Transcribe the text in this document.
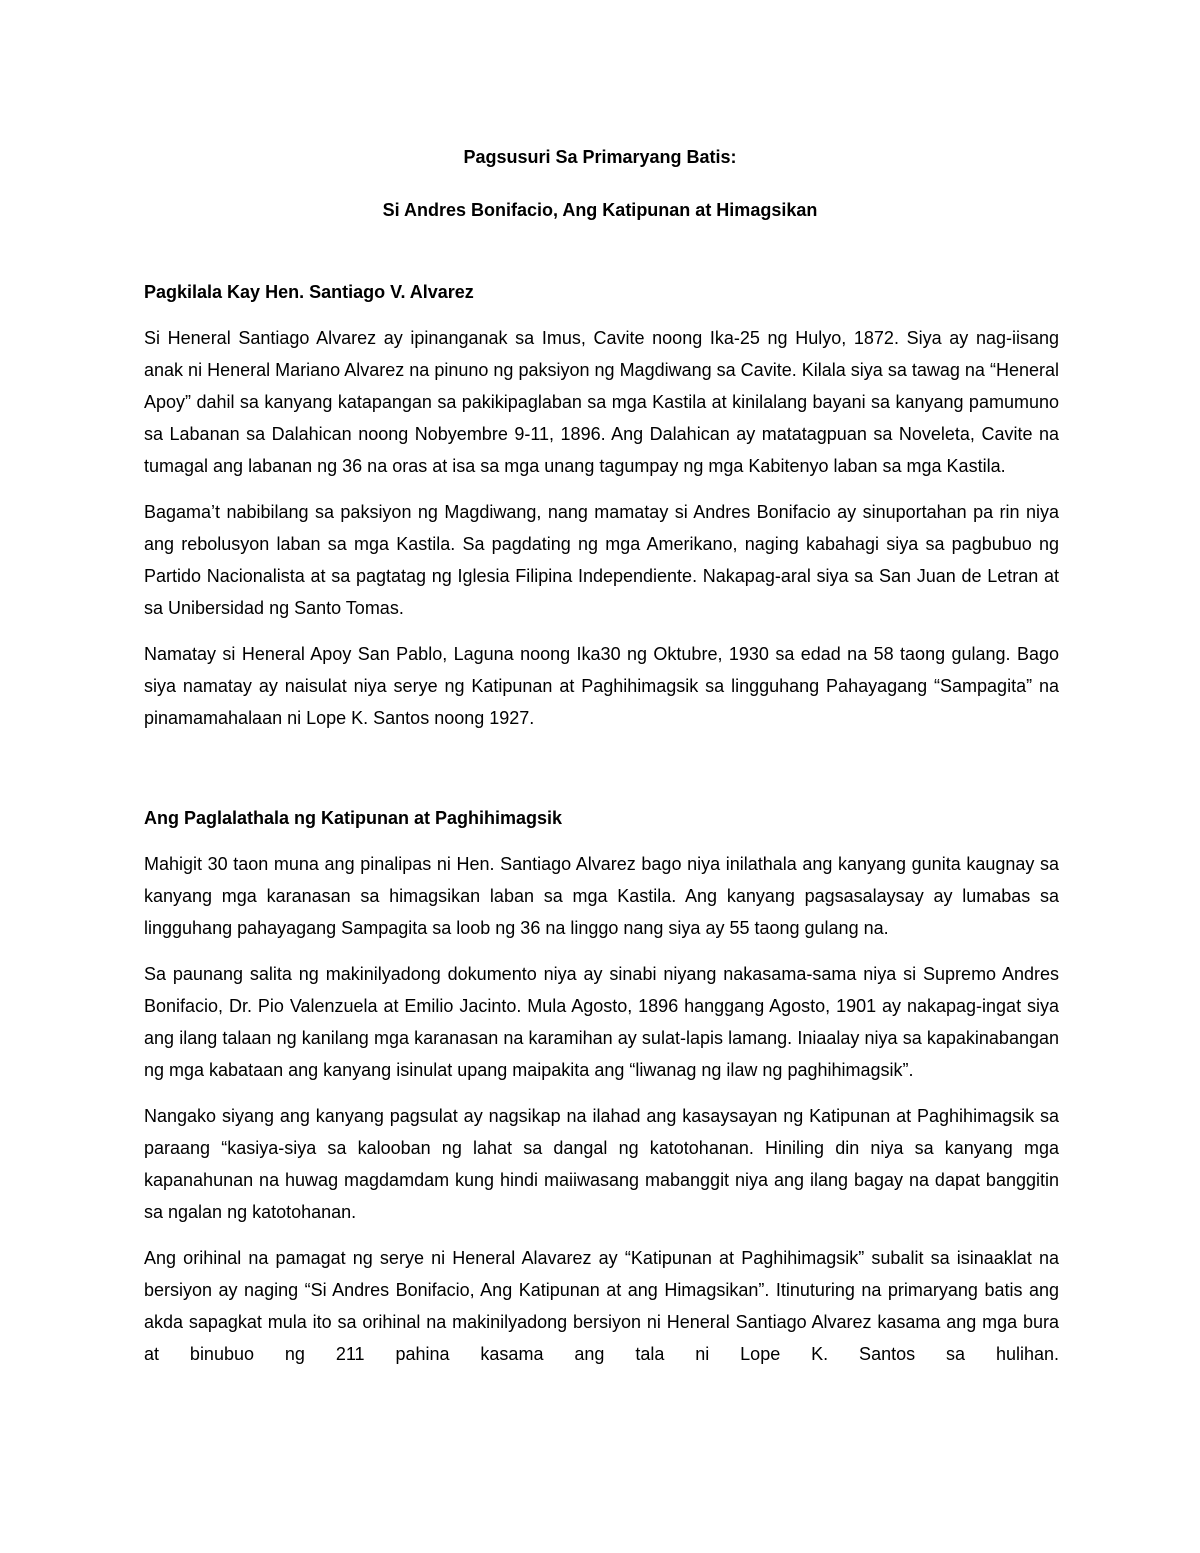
Pagsusuri Sa Primaryang Batis:
Si Andres Bonifacio, Ang Katipunan at Himagsikan
Pagkilala Kay Hen. Santiago V. Alvarez

Si Heneral Santiago Alvarez ay ipinanganak sa Imus, Cavite noong Ika-25 ng Hulyo, 1872. Siya ay nag-iisang anak ni Heneral Mariano Alvarez na pinuno ng paksiyon ng Magdiwang sa Cavite. Kilala siya sa tawag na “Heneral Apoy” dahil sa kanyang katapangan sa pakikipaglaban sa mga Kastila at kinilalang bayani sa kanyang pamumuno sa Labanan sa Dalahican noong Nobyembre 9-11, 1896. Ang Dalahican ay matatagpuan sa Noveleta, Cavite na tumagal ang labanan ng 36 na oras at isa sa mga unang tagumpay ng mga Kabitenyo laban sa mga Kastila.

Bagama’t nabibilang sa paksiyon ng Magdiwang, nang mamatay si Andres Bonifacio ay sinuportahan pa rin niya ang rebolusyon laban sa mga Kastila. Sa pagdating ng mga Amerikano, naging kabahagi siya sa pagbubuo ng Partido Nacionalista at sa pagtatag ng Iglesia Filipina Independiente. Nakapag-aral siya sa San Juan de Letran at sa Unibersidad ng Santo Tomas.

Namatay si Heneral Apoy San Pablo, Laguna noong Ika30 ng Oktubre, 1930 sa edad na 58 taong gulang. Bago siya namatay ay naisulat niya serye ng Katipunan at Paghihimagsik sa lingguhang Pahayagang “Sampagita” na pinamamahalaan ni Lope K. Santos noong 1927.

Ang Paglalathala ng Katipunan at Paghihimagsik

Mahigit 30 taon muna ang pinalipas ni Hen. Santiago Alvarez bago niya inilathala ang kanyang gunita kaugnay sa kanyang mga karanasan sa himagsikan laban sa mga Kastila. Ang kanyang pagsasalaysay ay lumabas sa lingguhang pahayagang Sampagita sa loob ng 36 na linggo nang siya ay 55 taong gulang na.

Sa paunang salita ng makinilyadong dokumento niya ay sinabi niyang nakasama-sama niya si Supremo Andres Bonifacio, Dr. Pio Valenzuela at Emilio Jacinto. Mula Agosto, 1896 hanggang Agosto, 1901 ay nakapag-ingat siya ang ilang talaan ng kanilang mga karanasan na karamihan ay sulat-lapis lamang. Iniaalay niya sa kapakinabangan ng mga kabataan ang kanyang isinulat upang maipakita ang “liwanag ng ilaw ng paghihimagsik”.

Nangako siyang ang kanyang pagsulat ay nagsikap na ilahad ang kasaysayan ng Katipunan at Paghihimagsik sa paraang “kasiya-siya sa kalooban ng lahat sa dangal ng katotohanan. Hiniling din niya sa kanyang mga kapanahunan na huwag magdamdam kung hindi maiiwasang mabanggit niya ang ilang bagay na dapat banggitin sa ngalan ng katotohanan.

Ang orihinal na pamagat ng serye ni Heneral Alavarez ay “Katipunan at Paghihimagsik” subalit sa isinaaklat na bersiyon ay naging “Si Andres Bonifacio, Ang Katipunan at ang Himagsikan”. Itinuturing na primaryang batis ang akda sapagkat mula ito sa orihinal na makinilyadong bersiyon ni Heneral Santiago Alvarez kasama ang mga bura at binubuo ng 211 pahina kasama ang tala ni Lope K. Santos sa hulihan.
